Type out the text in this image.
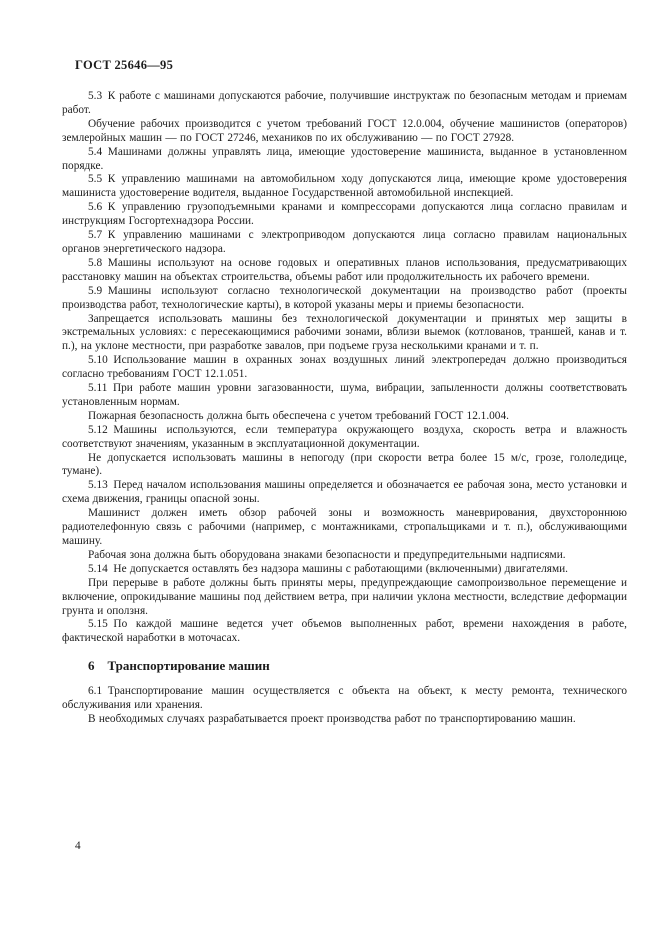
ГОСТ 25646—95

5.3 К работе с машинами допускаются рабочие, получившие инструктаж по безопасным методам и приемам работ.

Обучение рабочих производится с учетом требований ГОСТ 12.0.004, обучение машинистов (операторов) землеройных машин — по ГОСТ 27246, механиков по их обслуживанию — по ГОСТ 27928.

5.4 Машинами должны управлять лица, имеющие удостоверение машиниста, выданное в установленном порядке.

5.5 К управлению машинами на автомобильном ходу допускаются лица, имеющие кроме удостоверения машиниста удостоверение водителя, выданное Государственной автомобильной инспекцией.

5.6 К управлению грузоподъемными кранами и компрессорами допускаются лица согласно правилам и инструкциям Госгортехнадзора России.

5.7 К управлению машинами с электроприводом допускаются лица согласно правилам национальных органов энергетического надзора.

5.8 Машины используют на основе годовых и оперативных планов использования, предусматривающих расстановку машин на объектах строительства, объемы работ или продолжительность их рабочего времени.

5.9 Машины используют согласно технологической документации на производство работ (проекты производства работ, технологические карты), в которой указаны меры и приемы безопасности.

Запрещается использовать машины без технологической документации и принятых мер защиты в экстремальных условиях: с пересекающимися рабочими зонами, вблизи выемок (котлованов, траншей, канав и т. п.), на уклоне местности, при разработке завалов, при подъеме груза несколькими кранами и т. п.

5.10 Использование машин в охранных зонах воздушных линий электропередач должно производиться согласно требованиям ГОСТ 12.1.051.

5.11 При работе машин уровни загазованности, шума, вибрации, запыленности должны соответствовать установленным нормам.

Пожарная безопасность должна быть обеспечена с учетом требований ГОСТ 12.1.004.

5.12 Машины используются, если температура окружающего воздуха, скорость ветра и влажность соответствуют значениям, указанным в эксплуатационной документации.

Не допускается использовать машины в непогоду (при скорости ветра более 15 м/с, грозе, гололедице, тумане).

5.13 Перед началом использования машины определяется и обозначается ее рабочая зона, место установки и схема движения, границы опасной зоны.

Машинист должен иметь обзор рабочей зоны и возможность маневрирования, двухстороннюю радиотелефонную связь с рабочими (например, с монтажниками, стропальщиками и т. п.), обслуживающими машину.

Рабочая зона должна быть оборудована знаками безопасности и предупредительными надписями.

5.14 Не допускается оставлять без надзора машины с работающими (включенными) двигателями.

При перерыве в работе должны быть приняты меры, предупреждающие самопроизвольное перемещение и включение, опрокидывание машины под действием ветра, при наличии уклона местности, вследствие деформации грунта и оползня.

5.15 По каждой машине ведется учет объемов выполненных работ, времени нахождения в работе, фактической наработки в моточасах.

6 Транспортирование машин

6.1 Транспортирование машин осуществляется с объекта на объект, к месту ремонта, технического обслуживания или хранения.

В необходимых случаях разрабатывается проект производства работ по транспортированию машин.

4
